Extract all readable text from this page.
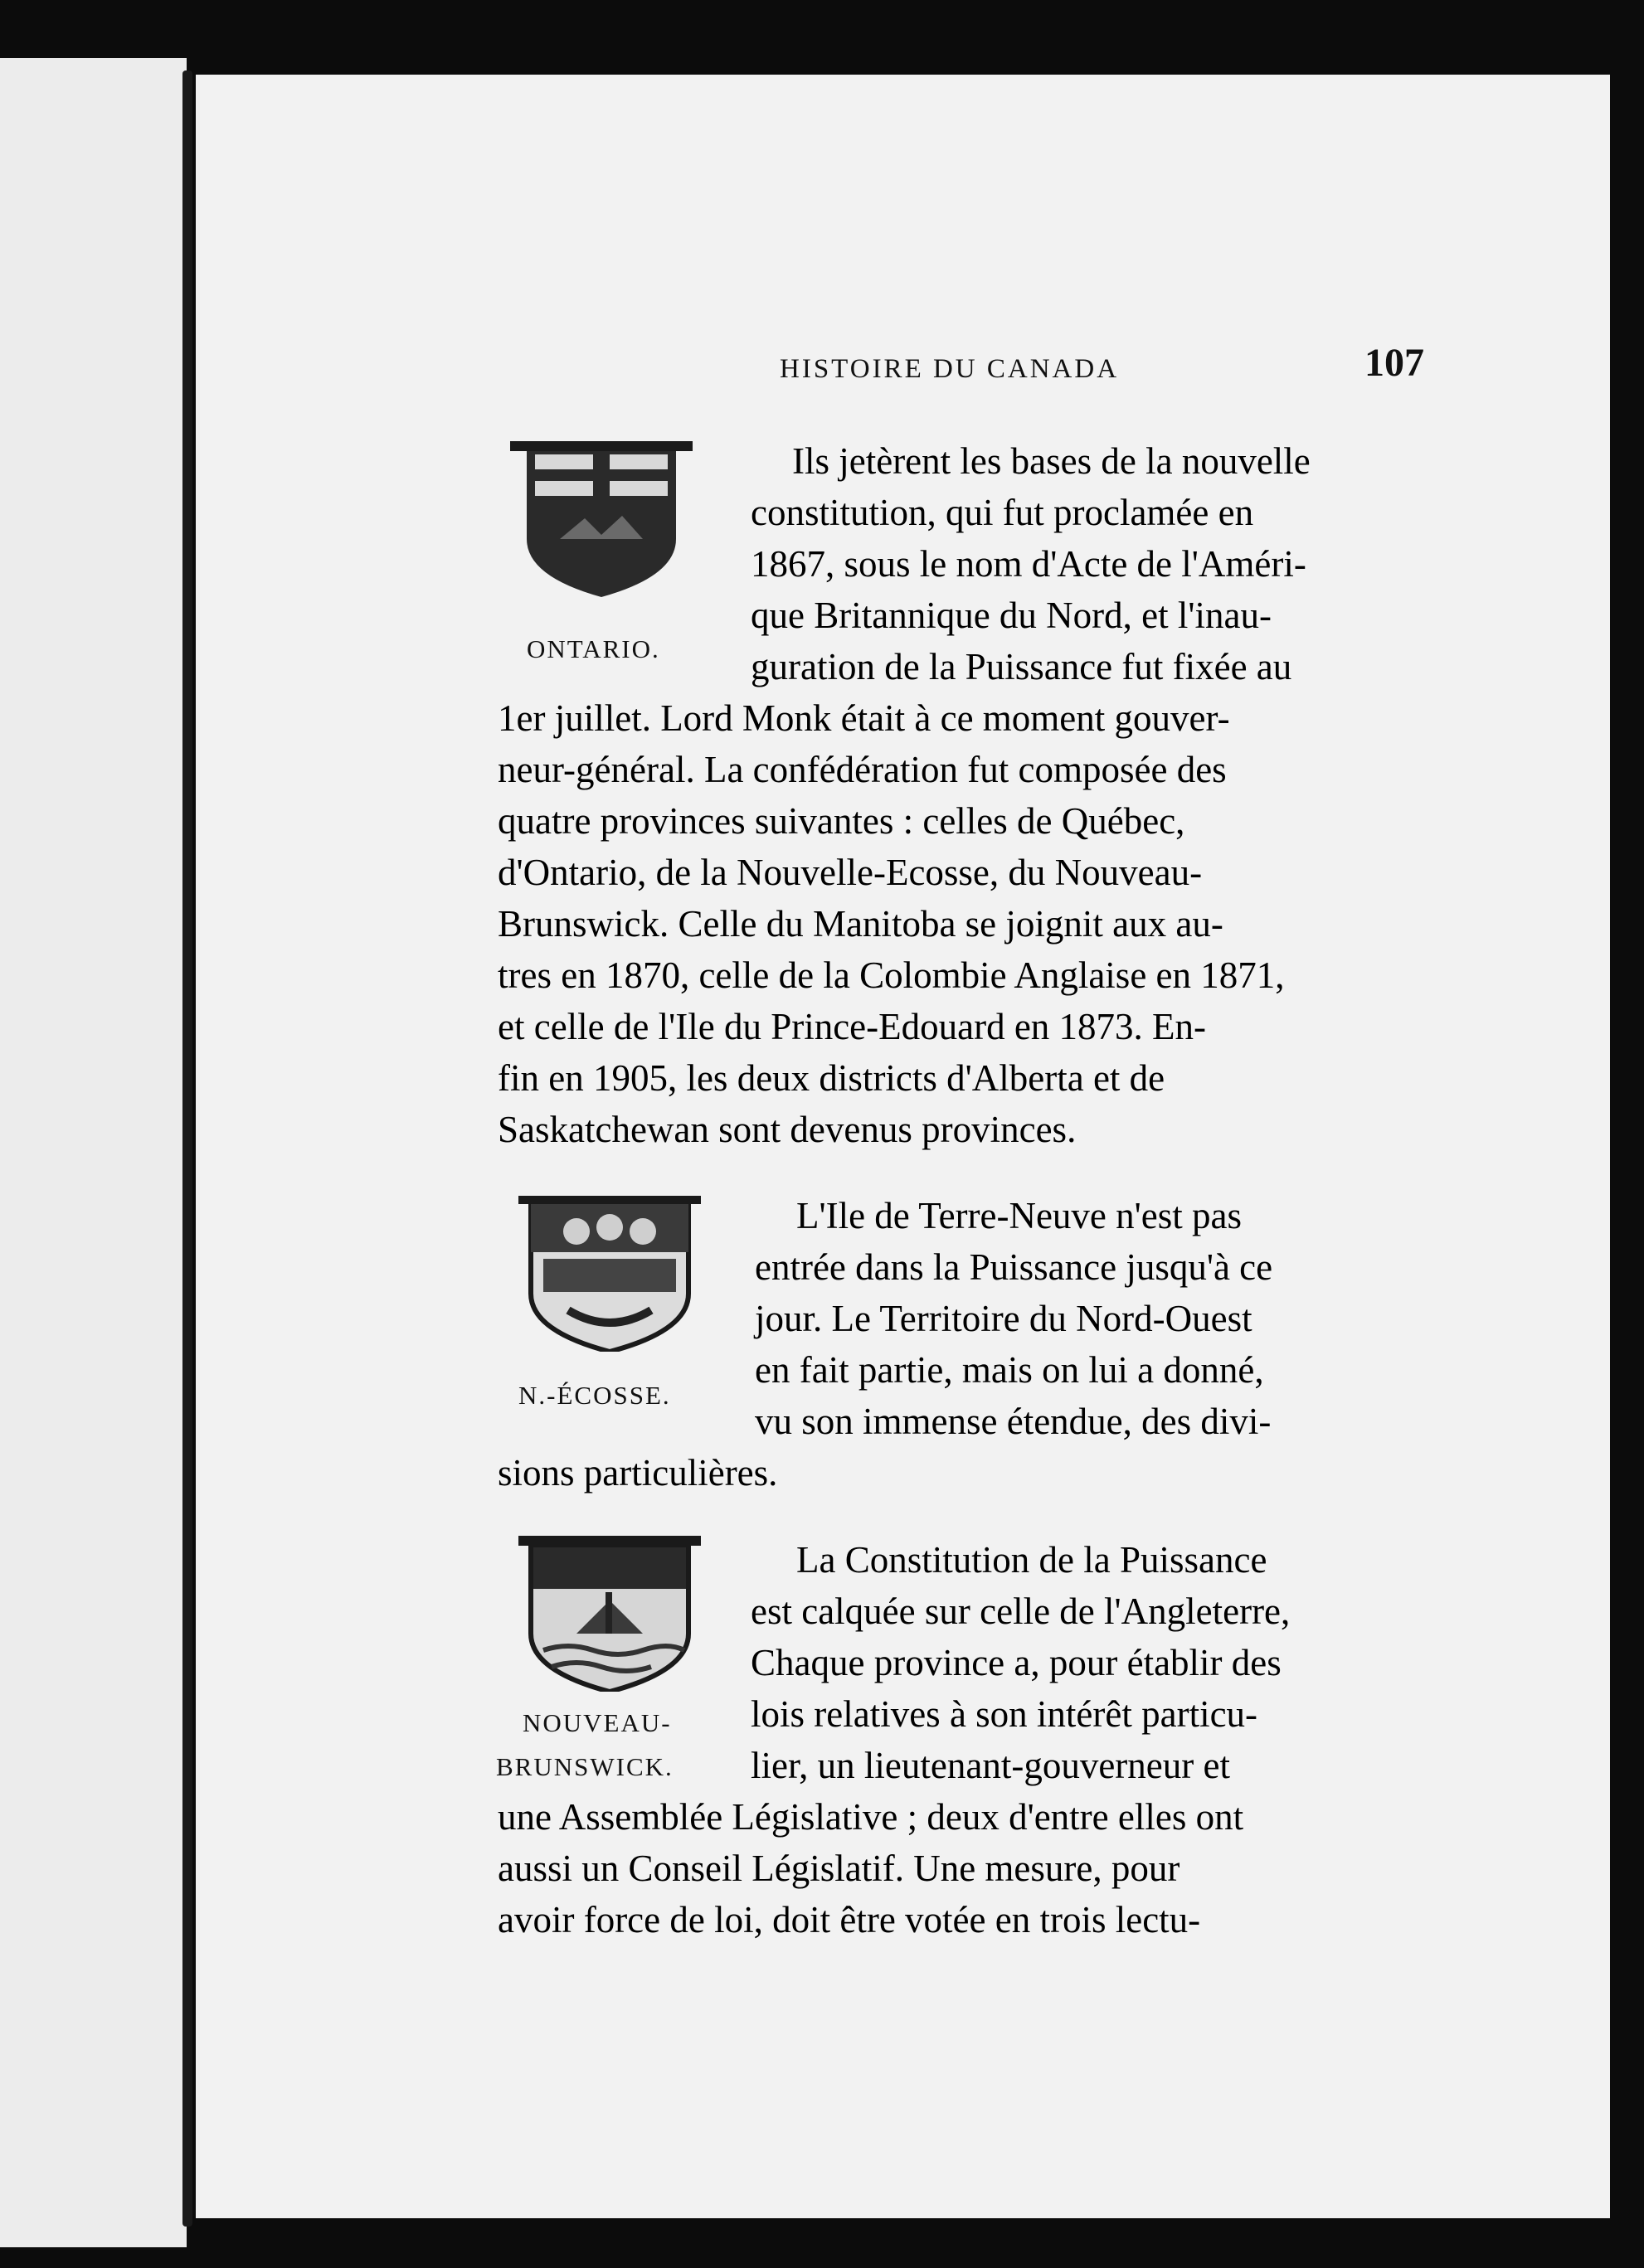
HISTOIRE DU CANADA	107
ONTARIO.
N.-ÉCOSSE.
NOUVEAU-
BRUNSWICK.
Ils jetèrent les bases de la nouvelle
constitution, qui fut proclamée en
1867, sous le nom d'Acte de l'Améri-
que Britannique du Nord, et l'inau-
guration de la Puissance fut fixée au
1er juillet. Lord Monk était à ce moment gouver-
neur-général. La confédération fut composée des
quatre provinces suivantes : celles de Québec,
d'Ontario, de la Nouvelle-Ecosse, du Nouveau-
Brunswick. Celle du Manitoba se joignit aux au-
tres en 1870, celle de la Colombie Anglaise en 1871,
et celle de l'Ile du Prince-Edouard en 1873. En-
fin en 1905, les deux districts d'Alberta et de
Saskatchewan sont devenus provinces.
L'Ile de Terre-Neuve n'est pas
entrée dans la Puissance jusqu'à ce
jour. Le Territoire du Nord-Ouest
en fait partie, mais on lui a donné,
vu son immense étendue, des divi-
sions particulières.
La Constitution de la Puissance
est calquée sur celle de l'Angleterre,
Chaque province a, pour établir des
lois relatives à son intérêt particu-
lier, un lieutenant-gouverneur et
une Assemblée Législative ; deux d'entre elles ont
aussi un Conseil Législatif. Une mesure, pour
avoir force de loi, doit être votée en trois lectu-
